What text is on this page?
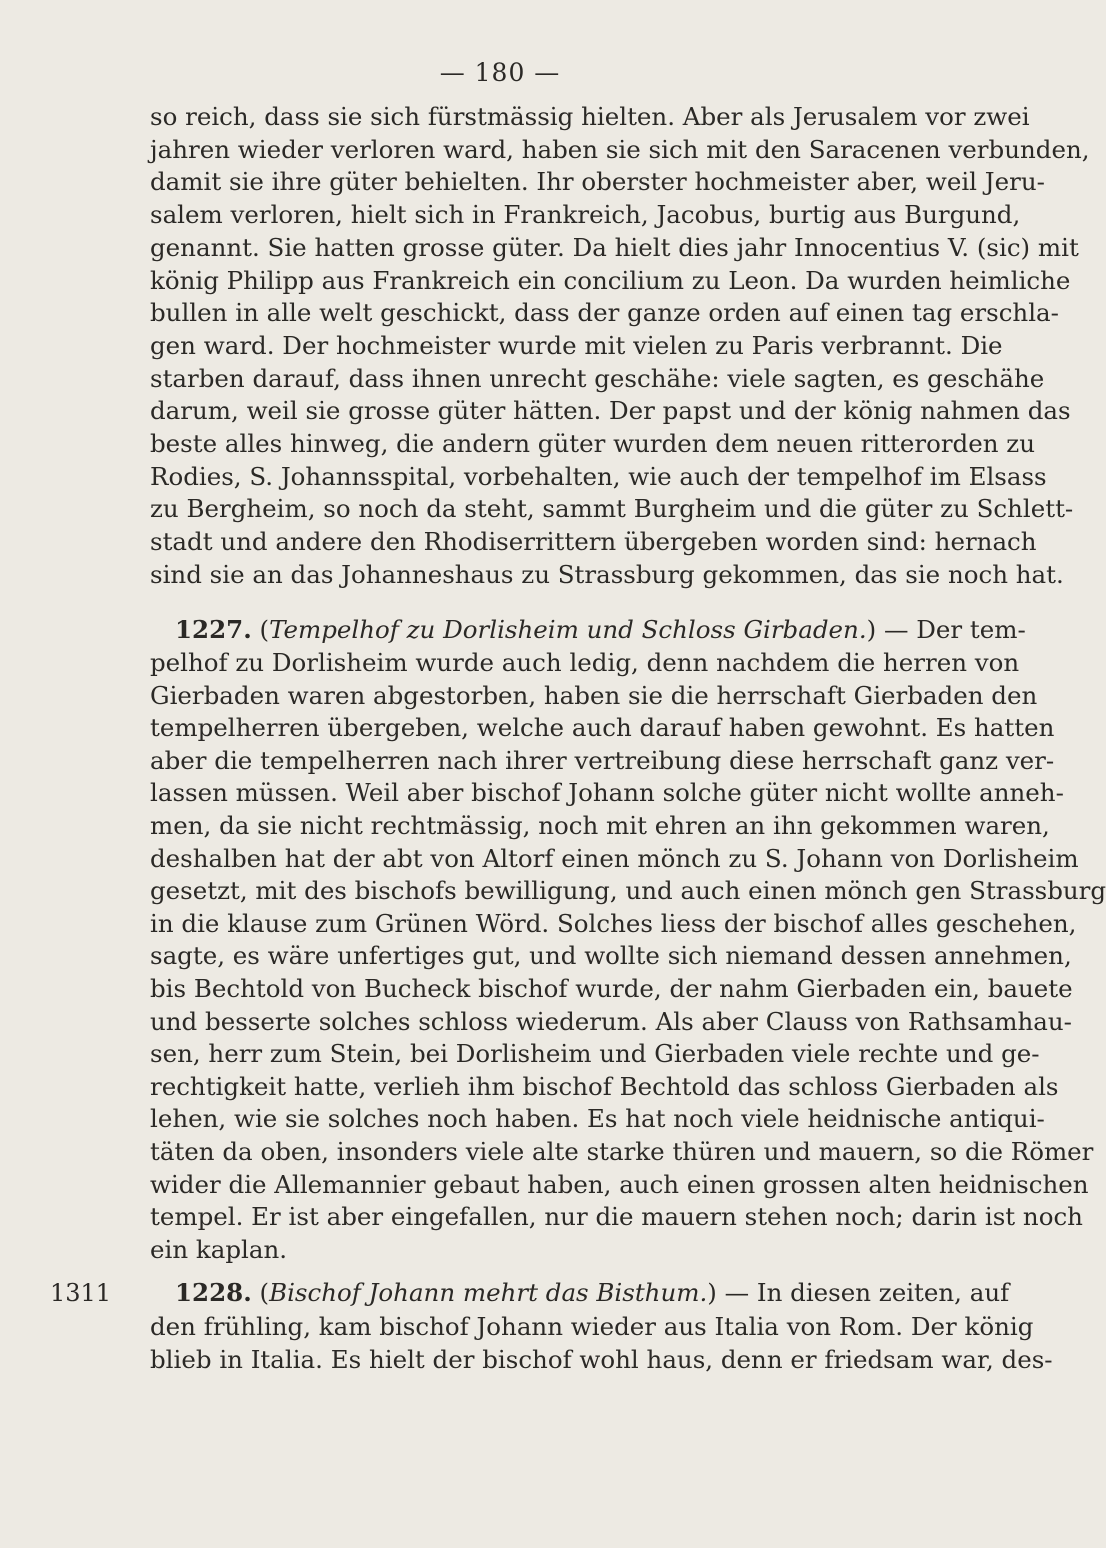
— 180 —
so reich, dass sie sich fürstmässig hielten. Aber als Jerusalem vor zwei
jahren wieder verloren ward, haben sie sich mit den Saracenen verbunden,
damit sie ihre güter behielten. Ihr oberster hochmeister aber, weil Jeru-
salem verloren, hielt sich in Frankreich, Jacobus, burtig aus Burgund,
genannt. Sie hatten grosse güter. Da hielt dies jahr Innocentius V. (sic) mit
könig Philipp aus Frankreich ein concilium zu Leon. Da wurden heimliche
bullen in alle welt geschickt, dass der ganze orden auf einen tag erschla-
gen ward. Der hochmeister wurde mit vielen zu Paris verbrannt. Die
starben darauf, dass ihnen unrecht geschähe: viele sagten, es geschähe
darum, weil sie grosse güter hätten. Der papst und der könig nahmen das
beste alles hinweg, die andern güter wurden dem neuen ritterorden zu
Rodies, S. Johannsspital, vorbehalten, wie auch der tempelhof im Elsass
zu Bergheim, so noch da steht, sammt Burgheim und die güter zu Schlett-
stadt und andere den Rhodiserrittern übergeben worden sind: hernach
sind sie an das Johanneshaus zu Strassburg gekommen, das sie noch hat.
1227. (Tempelhof zu Dorlisheim und Schloss Girbaden.) — Der tem-
pelhof zu Dorlisheim wurde auch ledig, denn nachdem die herren von
Gierbaden waren abgestorben, haben sie die herrschaft Gierbaden den
tempelherren übergeben, welche auch darauf haben gewohnt. Es hatten
aber die tempelherren nach ihrer vertreibung diese herrschaft ganz ver-
lassen müssen. Weil aber bischof Johann solche güter nicht wollte anneh-
men, da sie nicht rechtmässig, noch mit ehren an ihn gekommen waren,
deshalben hat der abt von Altorf einen mönch zu S. Johann von Dorlisheim
gesetzt, mit des bischofs bewilligung, und auch einen mönch gen Strassburg
in die klause zum Grünen Wörd. Solches liess der bischof alles geschehen,
sagte, es wäre unfertiges gut, und wollte sich niemand dessen annehmen,
bis Bechtold von Bucheck bischof wurde, der nahm Gierbaden ein, bauete
und besserte solches schloss wiederum. Als aber Clauss von Rathsamhau-
sen, herr zum Stein, bei Dorlisheim und Gierbaden viele rechte und ge-
rechtigkeit hatte, verlieh ihm bischof Bechtold das schloss Gierbaden als
lehen, wie sie solches noch haben. Es hat noch viele heidnische antiqui-
täten da oben, insonders viele alte starke thüren und mauern, so die Römer
wider die Allemannier gebaut haben, auch einen grossen alten heidnischen
tempel. Er ist aber eingefallen, nur die mauern stehen noch; darin ist noch
ein kaplan.
1311	1228. (Bischof Johann mehrt das Bisthum.) — In diesen zeiten, auf
den frühling, kam bischof Johann wieder aus Italia von Rom. Der könig
blieb in Italia. Es hielt der bischof wohl haus, denn er friedsam war, des-
